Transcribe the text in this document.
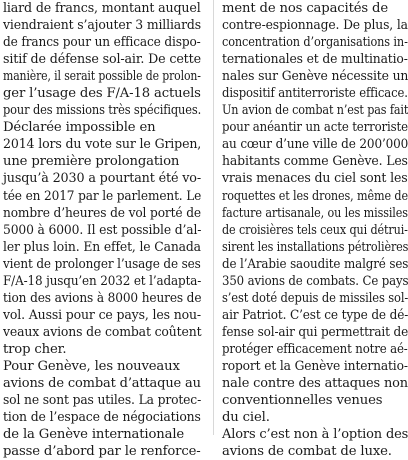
liard de francs, montant auquel
viendraient s’ajouter 3 milliards
de francs pour un efficace dispo-
sitif de défense sol-air. De cette
manière, il serait possible de prolon-
ger l’usage des F/A-18 actuels
pour des missions très spécifiques.
Déclarée impossible en
2014 lors du vote sur le Gripen,
une première prolongation
jusqu’à 2030 a pourtant été vo-
tée en 2017 par le parlement. Le
nombre d’heures de vol porté de
5000 à 6000. Il est possible d’al-
ler plus loin. En effet, le Canada
vient de prolonger l’usage de ses
F/A-18 jusqu’en 2032 et l’adapta-
tion des avions à 8000 heures de
vol. Aussi pour ce pays, les nou-
veaux avions de combat coûtent
trop cher.
Pour Genève, les nouveaux
avions de combat d’attaque au
sol ne sont pas utiles. La protec-
tion de l’espace de négociations
de la Genève internationale
passe d’abord par le renforce-
ment de nos capacités de
contre-espionnage. De plus, la
concentration d’organisations in-
ternationales et de multinatio-
nales sur Genève nécessite un
dispositif antiterroriste efficace.
Un avion de combat n’est pas fait
pour anéantir un acte terroriste
au cœur d’une ville de 200’000
habitants comme Genève. Les
vrais menaces du ciel sont les
roquettes et les drones, même de
facture artisanale, ou les missiles
de croisières tels ceux qui détrui-
sirent les installations pétrolières
de l’Arabie saoudite malgré ses
350 avions de combats. Ce pays
s’est doté depuis de missiles sol-
air Patriot. C’est ce type de dé-
fense sol-air qui permettrait de
protéger efficacement notre aé-
roport et la Genève internatio-
nale contre des attaques non
conventionnelles venues
du ciel.
Alors c’est non à l’option des
avions de combat de luxe.
